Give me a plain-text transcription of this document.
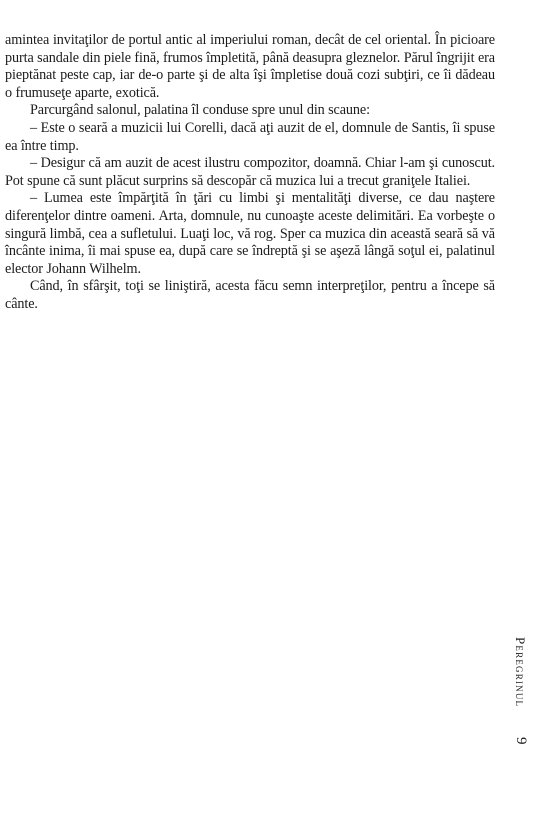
amintea invitaţilor de portul antic al imperiului roman, decât de cel oriental. În picioare purta sandale din piele fină, frumos împletită, până deasupra gleznelor. Părul îngrijit era pieptănat peste cap, iar de-o parte şi de alta îşi împletise două cozi subţiri, ce îi dădeau o frumuseţe aparte, exotică.

Parcurgând salonul, palatina îl conduse spre unul din scaune:

– Este o seară a muzicii lui Corelli, dacă aţi auzit de el, domnule de Santis, îi spuse ea între timp.

– Desigur că am auzit de acest ilustru compozitor, doamnă. Chiar l-am şi cunoscut. Pot spune că sunt plăcut surprins să descopăr că muzica lui a trecut graniţele Italiei.

– Lumea este împărţită în ţări cu limbi şi mentalităţi diverse, ce dau naştere diferenţelor dintre oameni. Arta, domnule, nu cunoaşte aceste delimitări. Ea vorbeşte o singură limbă, cea a sufletului. Luaţi loc, vă rog. Sper ca muzica din această seară să vă încânte inima, îi mai spuse ea, după care se îndreptă şi se aşeză lângă soţul ei, palatinul elector Johann Wilhelm.

Când, în sfârşit, toţi se liniştiră, acesta făcu semn interpreţilor, pentru a începe să cânte.

Peregrinul
9
